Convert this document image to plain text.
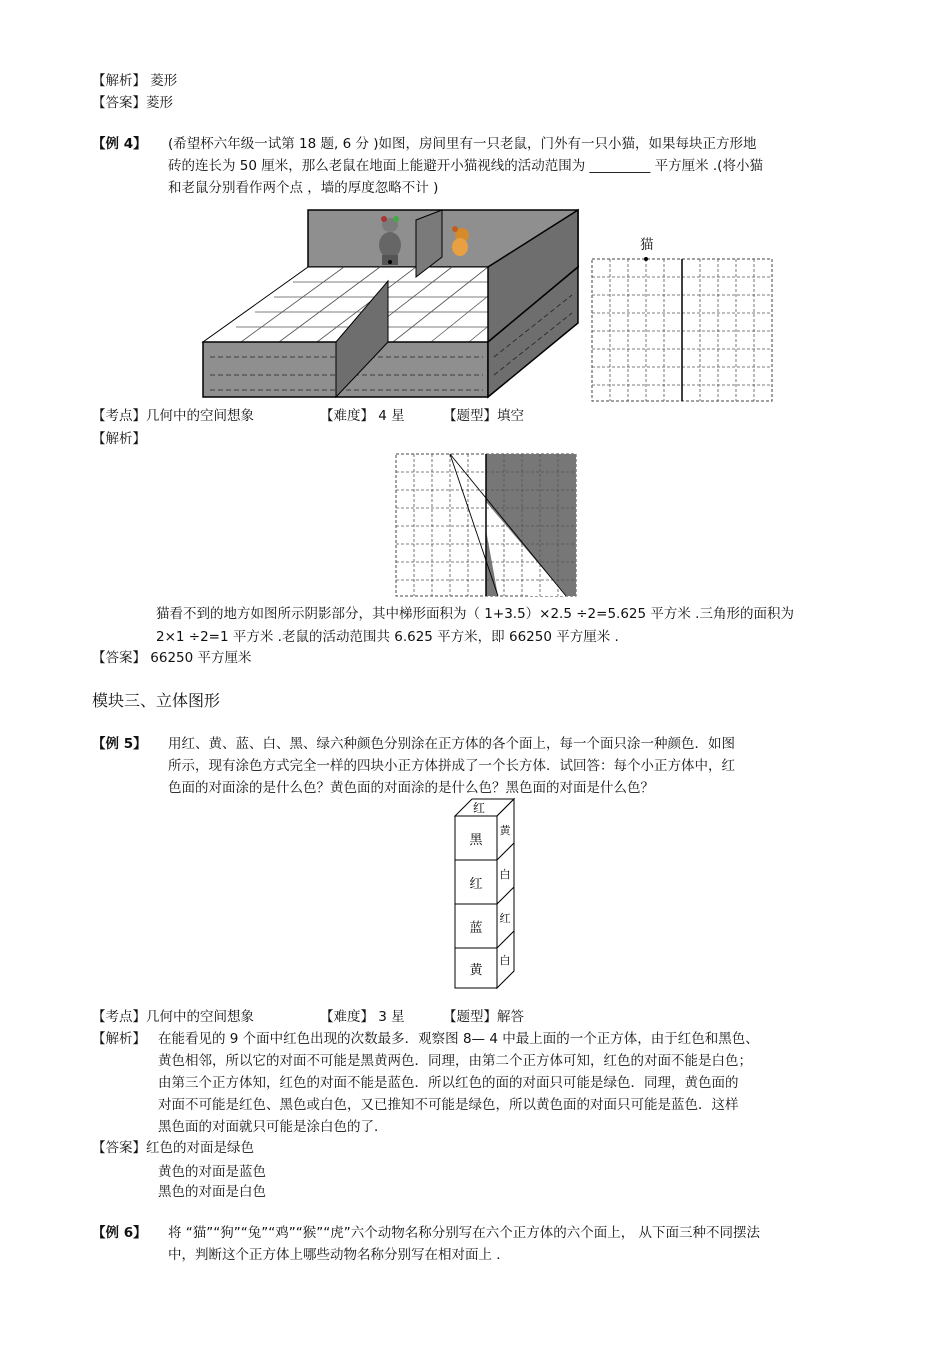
【解析】 菱形
【答案】菱形
【例 4】 (希望杯六年级一试第 18 题, 6 分 )如图，房间里有一只老鼠，门外有一只小猫，如果每块正方形地
砖的连长为 50 厘米，那么老鼠在地面上能避开小猫视线的活动范围为 _________ 平方厘米 .(将小猫
和老鼠分别看作两个点 ，墙的厚度忽略不计 )
猫
【考点】几何中的空间想象	【难度】 4 星	【题型】填空
【解析】
猫看不到的地方如图所示阴影部分，其中梯形面积为（ 1+3.5）×2.5 ÷2=5.625 平方米 .三角形的面积为
2×1 ÷2=1 平方米 .老鼠的活动范围共 6.625 平方米，即 66250 平方厘米 .
【答案】 66250 平方厘米
模块三、立体图形
【例 5】 用红、黄、蓝、白、黑、绿六种颜色分别涂在正方体的各个面上，每一个面只涂一种颜色．如图
所示，现有涂色方式完全一样的四块小正方体拼成了一个长方体．试回答：每个小正方体中，红
色面的对面涂的是什么色？黄色面的对面涂的是什么色？黑色面的对面是什么色？
红
黑
红
蓝
黄
黄
白
红
白
【考点】几何中的空间想象	【难度】 3 星	【题型】解答
【解析】 在能看见的 9 个面中红色出现的次数最多．观察图 8— 4 中最上面的一个正方体，由于红色和黑色、
黄色相邻，所以它的对面不可能是黑黄两色．同理，由第二个正方体可知，红色的对面不能是白色；
由第三个正方体知，红色的对面不能是蓝色．所以红色的面的对面只可能是绿色．同理，黄色面的
对面不可能是红色、黑色或白色，又已推知不可能是绿色，所以黄色面的对面只可能是蓝色．这样
黑色面的对面就只可能是涂白色的了．
【答案】红色的对面是绿色
黄色的对面是蓝色
黑色的对面是白色
【例 6】 将 “猫”“狗”“兔”“鸡”“猴”“虎”六个动物名称分别写在六个正方体的六个面上， 从下面三种不同摆法
中，判断这个正方体上哪些动物名称分别写在相对面上 .
